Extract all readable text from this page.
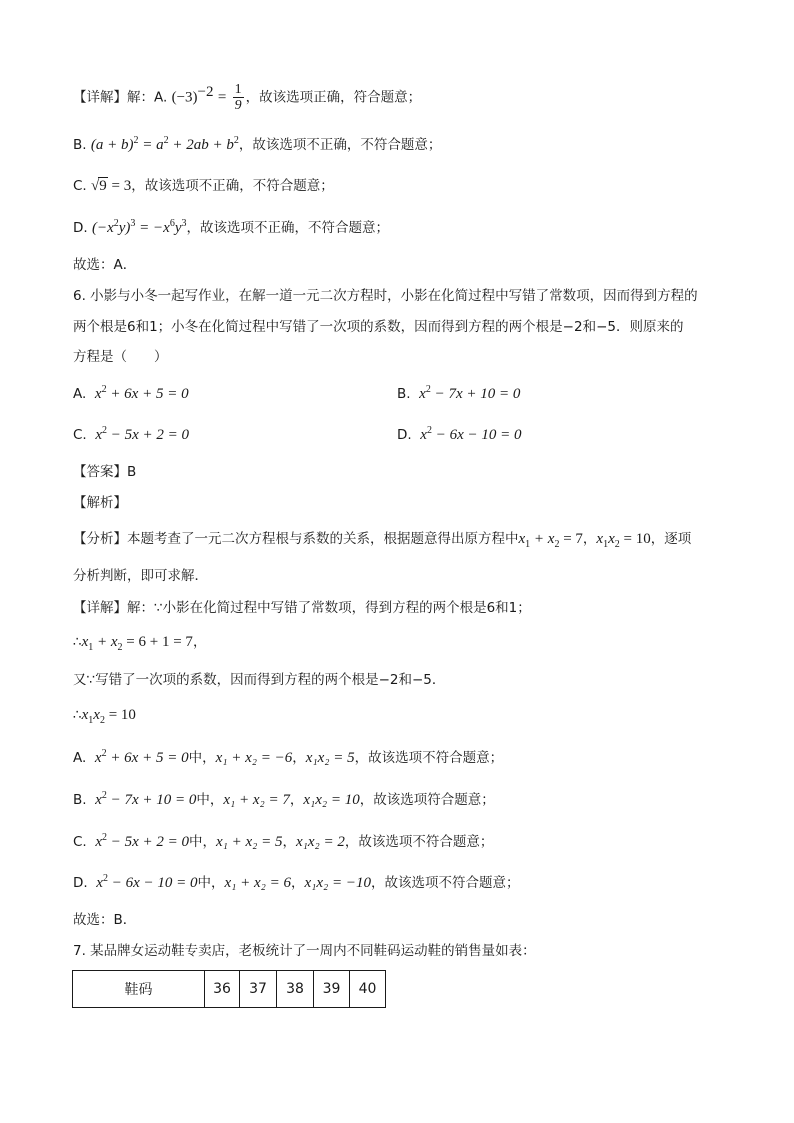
【详解】解：A. $(-3)^{-2} = \frac{1}{9}$ ，故该选项正确，符合题意；
B. $(a + b)^2 = a^2 + 2ab + b^2$，故该选项不正确，不符合题意；
C. √9 = 3，故该选项不正确，不符合题意；
D. $(-x^2y)^3 = -x^6y^3$，故该选项不正确，不符合题意；
故选：A．
6. 小影与小冬一起写作业，在解一道一元二次方程时，小影在化简过程中写错了常数项，因而得到方程的
两个根是6和1；小冬在化简过程中写错了一次项的系数，因而得到方程的两个根是−2和−5．则原来的
方程是（　　）
A. $x^2 + 6x + 5 = 0$	B. $x^2 - 7x + 10 = 0$
C. $x^2 - 5x + 2 = 0$	D. $x^2 - 6x - 10 = 0$
【答案】B
【解析】
【分析】本题考查了一元二次方程根与系数的关系，根据题意得出原方程中$x_1 + x_2 = 7$，$x_1x_2 = 10$，逐项
分析判断，即可求解．
【详解】解：∵小影在化简过程中写错了常数项，得到方程的两个根是6和1；
$\therefore x_1 + x_2 = 6 + 1 = 7$，
又∵写错了一次项的系数，因而得到方程的两个根是−2和−5．
$\therefore x_1x_2 = 10$
A. $x^2 + 6x + 5 = 0$中，x₁ + x₂ = −6，x₁x₂ = 5，故该选项不符合题意；
B. $x^2 - 7x + 10 = 0$中，x₁ + x₂ = 7，x₁x₂ = 10，故该选项符合题意；
C. $x^2 - 5x + 2 = 0$中，x₁ + x₂ = 5，x₁x₂ = 2，故该选项不符合题意；
D. $x^2 - 6x - 10 = 0$中，x₁ + x₂ = 6，x₁x₂ = −10，故该选项不符合题意；
故选：B．
7. 某品牌女运动鞋专卖店，老板统计了一周内不同鞋码运动鞋的销售量如表：
鞋码	36	37	38	39	40
